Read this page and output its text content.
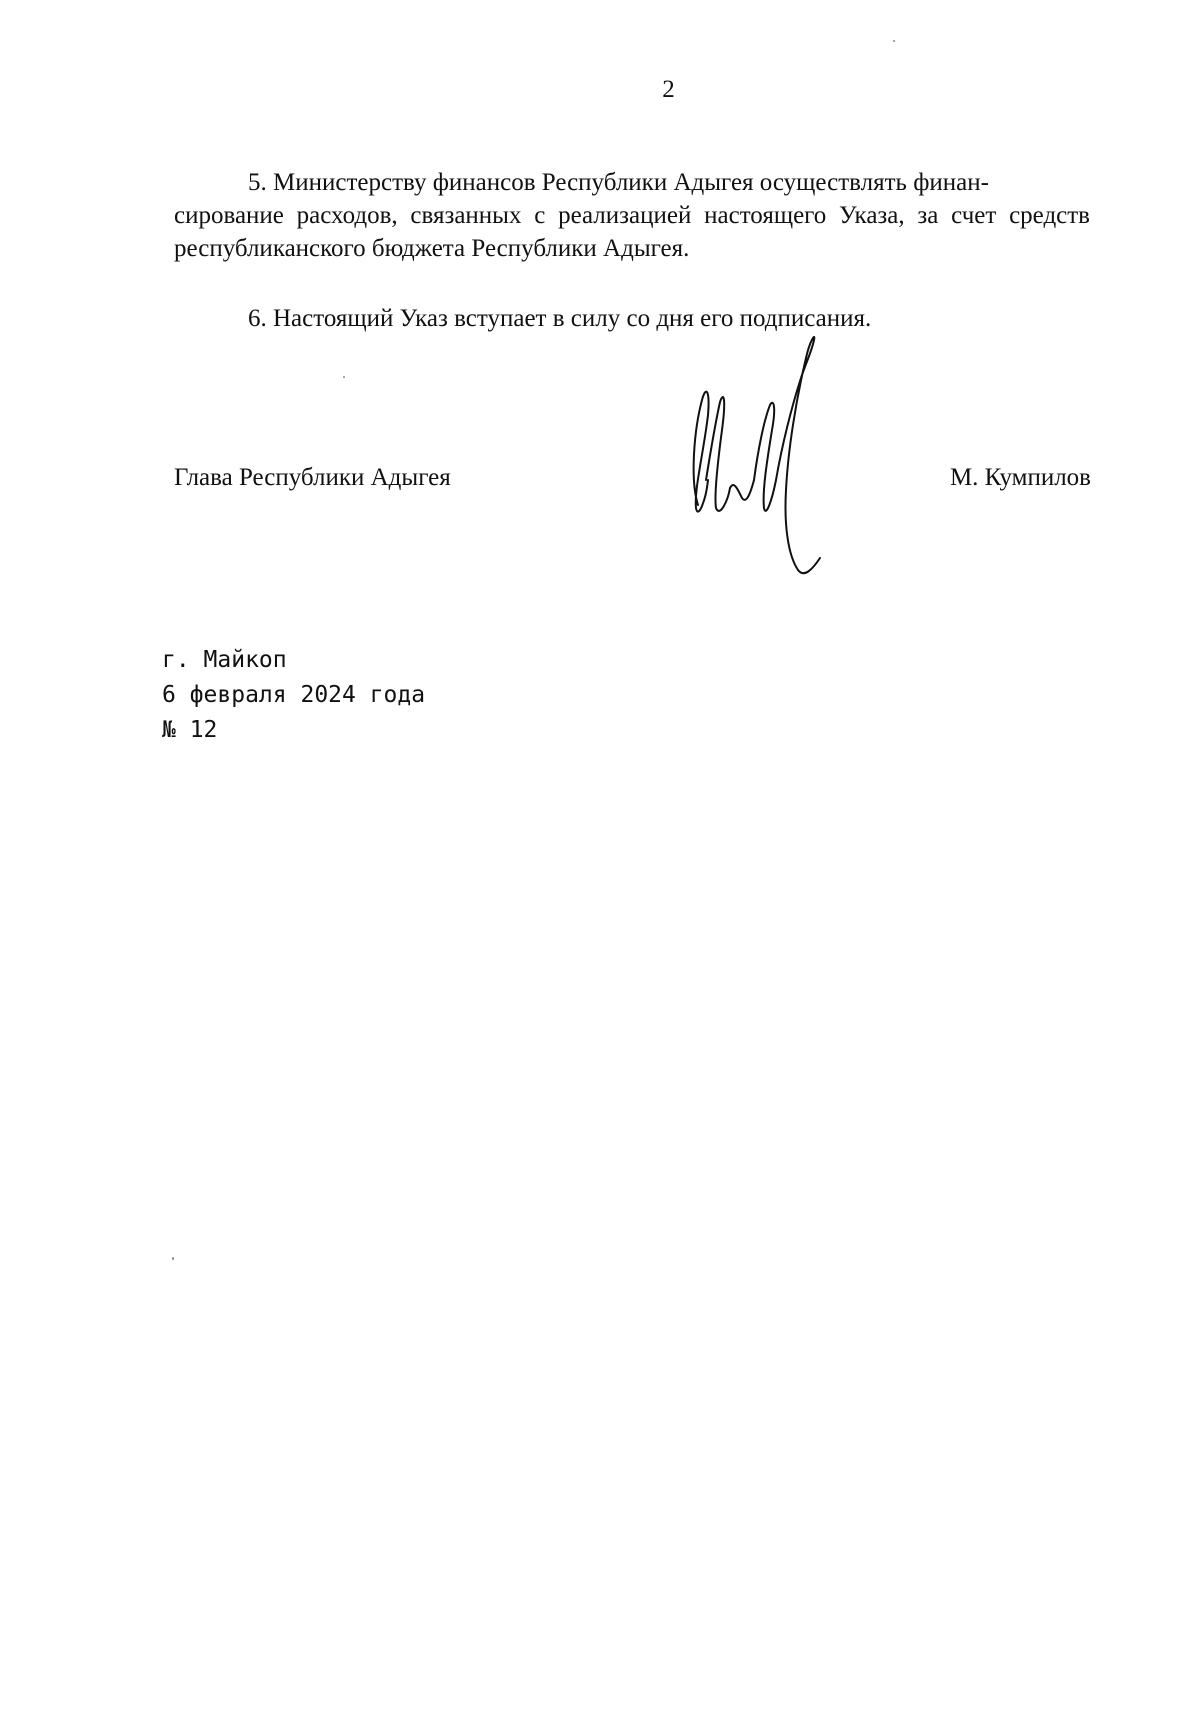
2

5. Министерству финансов Республики Адыгея осуществлять финан-
сирование расходов, связанных с реализацией настоящего Указа, за счет средств республиканского бюджета Республики Адыгея.

6. Настоящий Указ вступает в силу со дня его подписания.

Глава Республики Адыгея	М. Кумпилов
г. Майкоп
6 февраля 2024 года
№ 12
